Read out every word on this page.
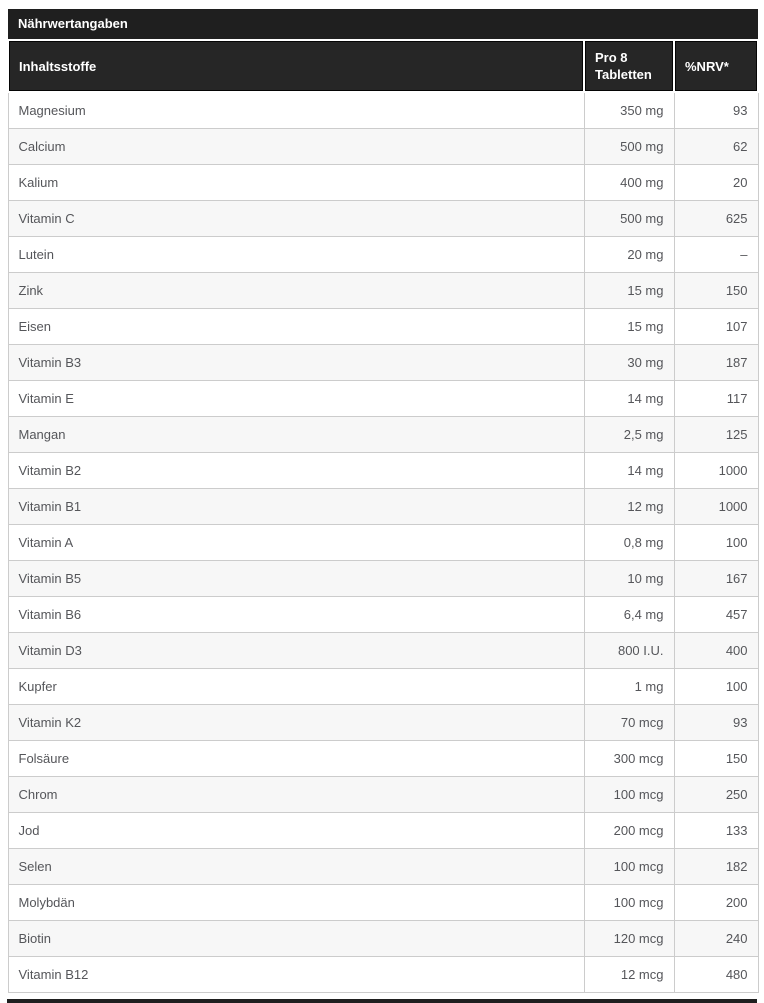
Nährwertangaben		
Inhaltsstoffe	Pro 8 Tabletten	%NRV*
Magnesium	350 mg	93
Calcium	500 mg	62
Kalium	400 mg	20
Vitamin C	500 mg	625
Lutein	20 mg	–
Zink	15 mg	150
Eisen	15 mg	107
Vitamin B3	30 mg	187
Vitamin E	14 mg	117
Mangan	2,5 mg	125
Vitamin B2	14 mg	1000
Vitamin B1	12 mg	1000
Vitamin A	0,8 mg	100
Vitamin B5	10 mg	167
Vitamin B6	6,4 mg	457
Vitamin D3	800 I.U.	400
Kupfer	1 mg	100
Vitamin K2	70 mcg	93
Folsäure	300 mcg	150
Chrom	100 mcg	250
Jod	200 mcg	133
Selen	100 mcg	182
Molybdän	100 mcg	200
Biotin	120 mcg	240
Vitamin B12	12 mcg	480
